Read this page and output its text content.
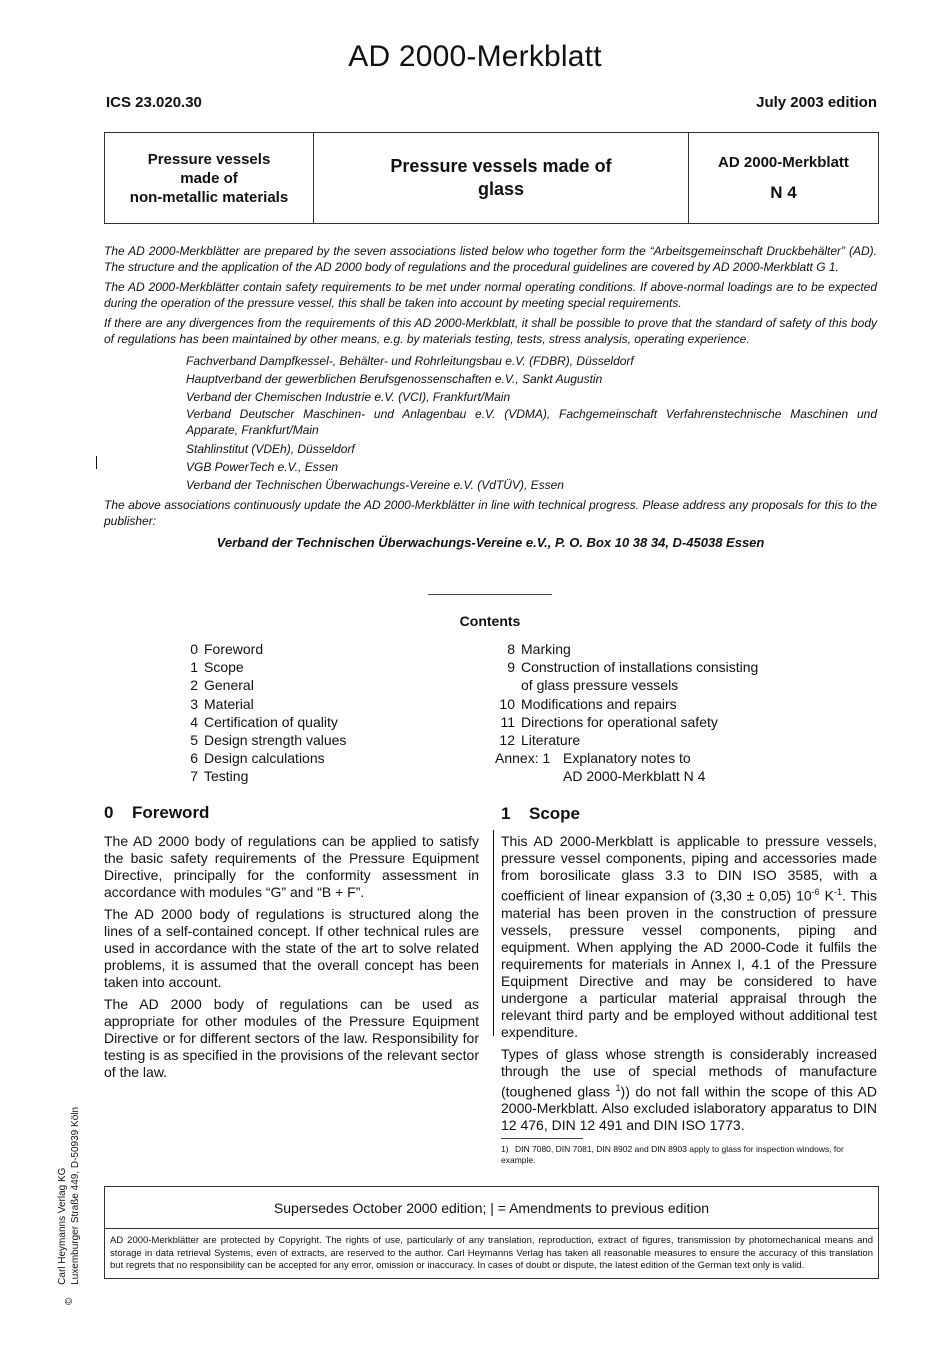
AD 2000-Merkblatt
ICS 23.020.30	July 2003 edition
Pressure vessels
made of
non-metallic materials
Pressure vessels made of
glass
AD 2000-Merkblatt
N 4

The AD 2000-Merkblätter are prepared by the seven associations listed below who together form the “Arbeitsgemeinschaft Druckbehälter” (AD). The structure and the application of the AD 2000 body of regulations and the procedural guidelines are covered by AD 2000-Merkblatt G 1.

The AD 2000-Merkblätter contain safety requirements to be met under normal operating conditions. If above-normal loadings are to be expected during the operation of the pressure vessel, this shall be taken into account by meeting special requirements.

If there are any divergences from the requirements of this AD 2000-Merkblatt, it shall be possible to prove that the standard of safety of this body of regulations has been maintained by other means, e.g. by materials testing, tests, stress analysis, operating experience.

Fachverband Dampfkessel-, Behälter- und Rohrleitungsbau e.V. (FDBR), Düsseldorf

Hauptverband der gewerblichen Berufsgenossenschaften e.V., Sankt Augustin

Verband der Chemischen Industrie e.V. (VCI), Frankfurt/Main

Verband Deutscher Maschinen- und Anlagenbau e.V. (VDMA), Fachgemeinschaft Verfahrenstechnische Maschinen und Apparate, Frankfurt/Main

Stahlinstitut (VDEh), Düsseldorf

VGB PowerTech e.V., Essen

Verband der Technischen Überwachungs-Vereine e.V. (VdTÜV), Essen

The above associations continuously update the AD 2000-Merkblätter in line with technical progress. Please address any proposals for this to the publisher:

Verband der Technischen Überwachungs-Vereine e.V., P. O. Box 10 38 34, D-45038 Essen

Contents
0 Foreword
1 Scope
2 General
3 Material
4 Certification of quality
5 Design strength values
6 Design calculations
7 Testing
8 Marking
9 Construction of installations consisting
of glass pressure vessels
10 Modifications and repairs
11 Directions for operational safety
12 Literature
Annex: 1 Explanatory notes to
AD 2000-Merkblatt N 4
0 Foreword	1 Scope

The AD 2000 body of regulations can be applied to satisfy the basic safety requirements of the Pressure Equipment Directive, principally for the conformity assessment in accordance with modules “G” and “B + F”.

The AD 2000 body of regulations is structured along the lines of a self-contained concept. If other technical rules are used in accordance with the state of the art to solve related problems, it is assumed that the overall concept has been taken into account.

The AD 2000 body of regulations can be used as appropriate for other modules of the Pressure Equipment Directive or for different sectors of the law. Responsibility for testing is as specified in the provisions of the relevant sector of the law.

This AD 2000-Merkblatt is applicable to pressure vessels, pressure vessel components, piping and accessories made from borosilicate glass 3.3 to DIN ISO 3585, with a coefficient of linear expansion of (3,30 ± 0,05) $10^{-6}$ $K^{-1}$. This material has been proven in the construction of pressure vessels, pressure vessel components, piping and equipment. When applying the AD 2000-Code it fulfils the requirements for materials in Annex I, 4.1 of the Pressure Equipment Directive and may be considered to have undergone a particular material appraisal through the relevant third party and be employed without additional test expenditure.

Types of glass whose strength is considerably increased through the use of special methods of manufacture (toughened glass $^1$)) do not fall within the scope of this AD 2000-Merkblatt. Also excluded islaboratory apparatus to DIN 12 476, DIN 12 491 and DIN ISO 1773.

1) DIN 7080, DIN 7081, DIN 8902 and DIN 8903 apply to glass for inspection windows, for example.
Supersedes October 2000 edition; | = Amendments to previous edition
AD 2000-Merkblätter are protected by Copyright. The rights of use, particularly of any translation, reproduction, extract of figures, transmission by photomechanical means and storage in data retrieval Systems, even of extracts, are reserved to the author. Carl Heymanns Verlag has taken all reasonable measures to ensure the accuracy of this translation but regrets that no responsibility can be accepted for any error, omission or inaccuracy. In cases of doubt or dispute, the latest edition of the German text only is valid.
©
Carl Heymanns Verlag KG Luxemburger Straße 449, D-50939 Köln
